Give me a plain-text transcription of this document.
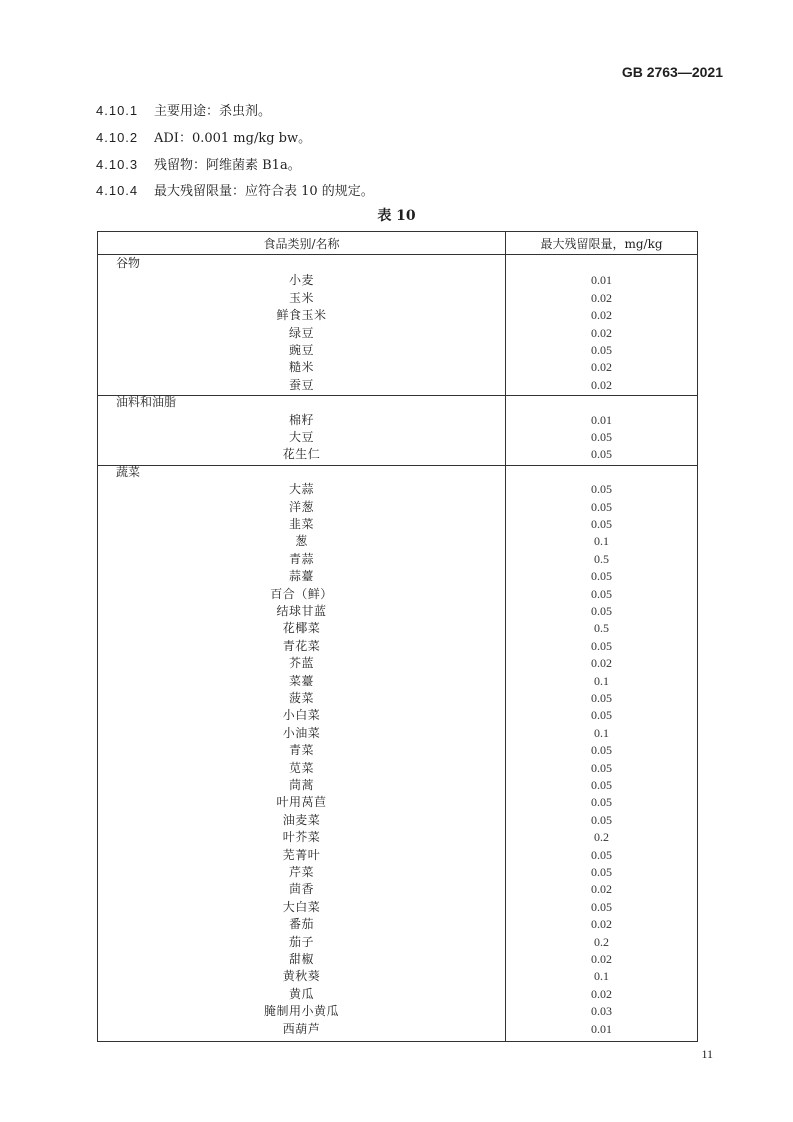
GB 2763—2021
4.10.1 主要用途：杀虫剂。
4.10.2 ADI：0.001 mg/kg bw。
4.10.3 残留物：阿维菌素 B1a。
4.10.4 最大残留限量：应符合表 10 的规定。
表 10
食品类别/名称	最大残留限量，mg/kg
谷物
小麦	0.01
玉米	0.02
鲜食玉米	0.02
绿豆	0.02
豌豆	0.05
糙米	0.02
蚕豆	0.02
油料和油脂
棉籽	0.01
大豆	0.05
花生仁	0.05
蔬菜
大蒜	0.05
洋葱	0.05
韭菜	0.05
葱	0.1
青蒜	0.5
蒜薹	0.05
百合（鲜）	0.05
结球甘蓝	0.05
花椰菜	0.5
青花菜	0.05
芥蓝	0.02
菜薹	0.1
菠菜	0.05
小白菜	0.05
小油菜	0.1
青菜	0.05
苋菜	0.05
茼蒿	0.05
叶用莴苣	0.05
油麦菜	0.05
叶芥菜	0.2
芜菁叶	0.05
芹菜	0.05
茴香	0.02
大白菜	0.05
番茄	0.02
茄子	0.2
甜椒	0.02
黄秋葵	0.1
黄瓜	0.02
腌制用小黄瓜	0.03
西葫芦	0.01
11
